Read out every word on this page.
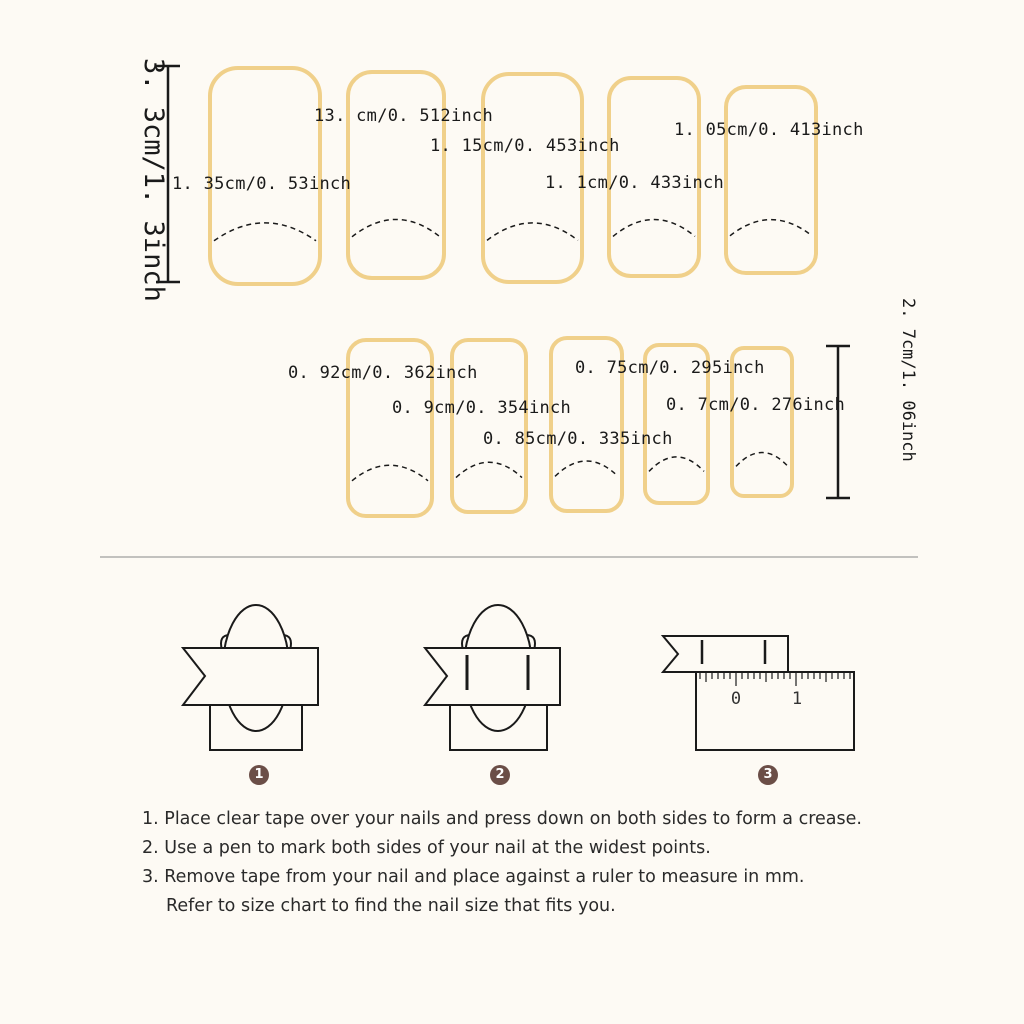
0	1
3. 3cm/1. 3inch
2. 7cm/1. 06inch
1. 35cm/0. 53inch
13. cm/0. 512inch
1. 15cm/0. 453inch
1. 1cm/0. 433inch
1. 05cm/0. 413inch
0. 92cm/0. 362inch
0. 9cm/0. 354inch
0. 85cm/0. 335inch
0. 75cm/0. 295inch
0. 7cm/0. 276inch
1	2	3
1. Place clear tape over your nails and press down on both sides to form a crease.
2. Use a pen to mark both sides of your nail at the widest points.
3. Remove tape from your nail and place against a ruler to measure in mm.
Refer to size chart to find the nail size that fits you.
